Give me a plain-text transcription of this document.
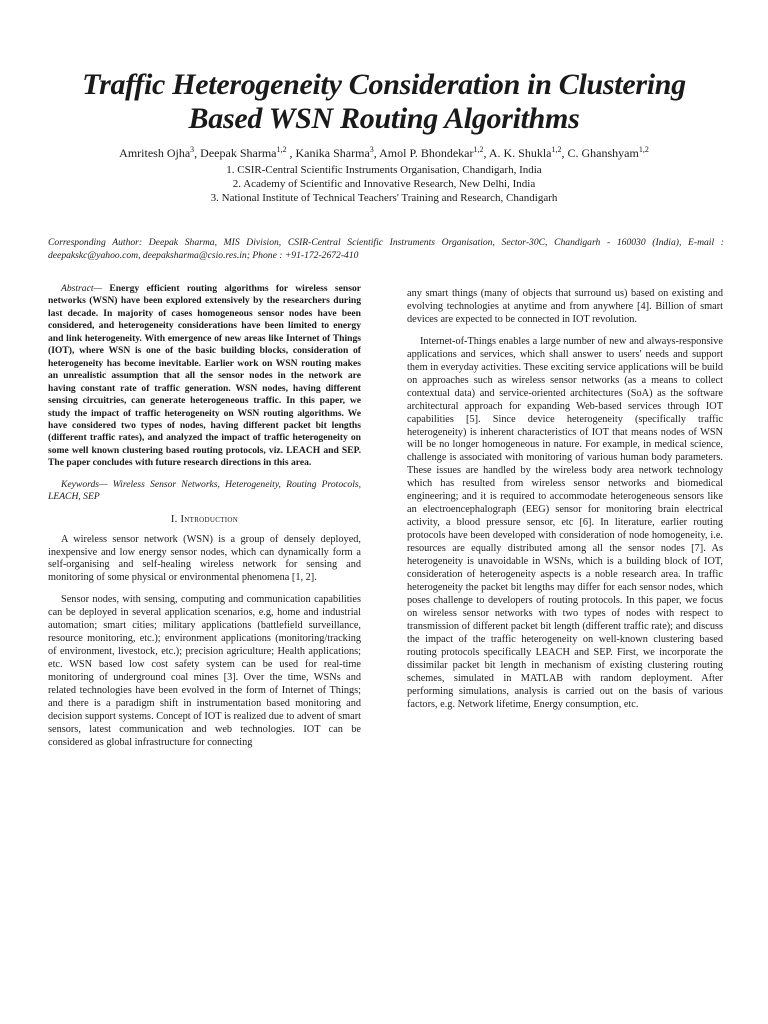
Traffic Heterogeneity Consideration in Clustering
Based WSN Routing Algorithms
Amritesh Ojha$^3$, Deepak Sharma$^{1,2}$ , Kanika Sharma$^3$, Amol P. Bhondekar$^{1,2}$, A. K. Shukla$^{1,2}$, C. Ghanshyam$^{1,2}$
1. CSIR-Central Scientific Instruments Organisation, Chandigarh, India
2. Academy of Scientific and Innovative Research, New Delhi, India
3. National Institute of Technical Teachers' Training and Research, Chandigarh
Corresponding Author: Deepak Sharma, MIS Division, CSIR-Central Scientific Instruments Organisation, Sector-30C, Chandigarh - 160030 (India), E-mail : deepakskc@yahoo.com, deepaksharma@csio.res.in; Phone : +91-172-2672-410

Abstract— Energy efficient routing algorithms for wireless sensor networks (WSN) have been explored extensively by the researchers during last decade. In majority of cases homogeneous sensor nodes have been considered, and heterogeneity considerations have been limited to energy and link heterogeneity. With emergence of new areas like Internet of Things (IOT), where WSN is one of the basic building blocks, consideration of heterogeneity has become inevitable. Earlier work on WSN routing makes an unrealistic assumption that all the sensor nodes in the network are having constant rate of traffic generation. WSN nodes, having different sensing circuitries, can generate heterogeneous traffic. In this paper, we study the impact of traffic heterogeneity on WSN routing algorithms. We have considered two types of nodes, having different packet bit lengths (different traffic rates), and analyzed the impact of traffic heterogeneity on some well known clustering based routing protocols, viz. LEACH and SEP. The paper concludes with future research directions in this area.

Keywords— Wireless Sensor Networks, Heterogeneity, Routing Protocols, LEACH, SEP

I. Introduction

A wireless sensor network (WSN) is a group of densely deployed, inexpensive and low energy sensor nodes, which can dynamically form a self-organising and self-healing wireless network for sensing and monitoring of some physical or environmental phenomena [1, 2].

Sensor nodes, with sensing, computing and communication capabilities can be deployed in several application scenarios, e.g, home and industrial automation; smart cities; military applications (battlefield surveillance, resource monitoring, etc.); environment applications (monitoring/tracking of environment, livestock, etc.); precision agriculture; Health applications; etc. WSN based low cost safety system can be used for real-time monitoring of underground coal mines [3]. Over the time, WSNs and related technologies have been evolved in the form of Internet of Things; and there is a paradigm shift in instrumentation based monitoring and decision support systems. Concept of IOT is realized due to advent of smart sensors, latest communication and web technologies. IOT can be considered as global infrastructure for connecting

any smart things (many of objects that surround us) based on existing and evolving technologies at anytime and from anywhere [4]. Billion of smart devices are expected to be connected in IOT revolution.

Internet-of-Things enables a large number of new and always-responsive applications and services, which shall answer to users' needs and support them in everyday activities. These exciting service applications will be build on approaches such as wireless sensor networks (as a means to collect contextual data) and service-oriented architectures (SoA) as the software architectural approach for expanding Web-based services through IOT capabilities [5]. Since device heterogeneity (specifically traffic heterogeneity) is inherent characteristics of IOT that means nodes of WSN will be no longer homogeneous in nature. For example, in medical science, challenge is associated with monitoring of various human body parameters. These issues are handled by the wireless body area network technology which has resulted from wireless sensor networks and biomedical engineering; and it is required to accommodate heterogeneous sensors like an electroencephalograph (EEG) sensor for monitoring brain electrical activity, a blood pressure sensor, etc [6]. In literature, earlier routing protocols have been developed with consideration of node homogeneity, i.e. resources are equally distributed among all the sensor nodes [7]. As heterogeneity is unavoidable in WSNs, which is a building block of IOT, consideration of heterogeneity aspects is a noble research area. In traffic heterogeneity the packet bit lengths may differ for each sensor nodes, which poses challenge to developers of routing protocols. In this paper, we focus on wireless sensor networks with two types of nodes with respect to transmission of different packet bit length (different traffic rate); and discuss the impact of the traffic heterogeneity on well-known clustering based routing protocols specifically LEACH and SEP. First, we incorporate the dissimilar packet bit length in mechanism of existing clustering routing schemes, simulated in MATLAB with random deployment. After performing simulations, analysis is carried out on the basis of various factors, e.g. Network lifetime, Energy consumption, etc.
